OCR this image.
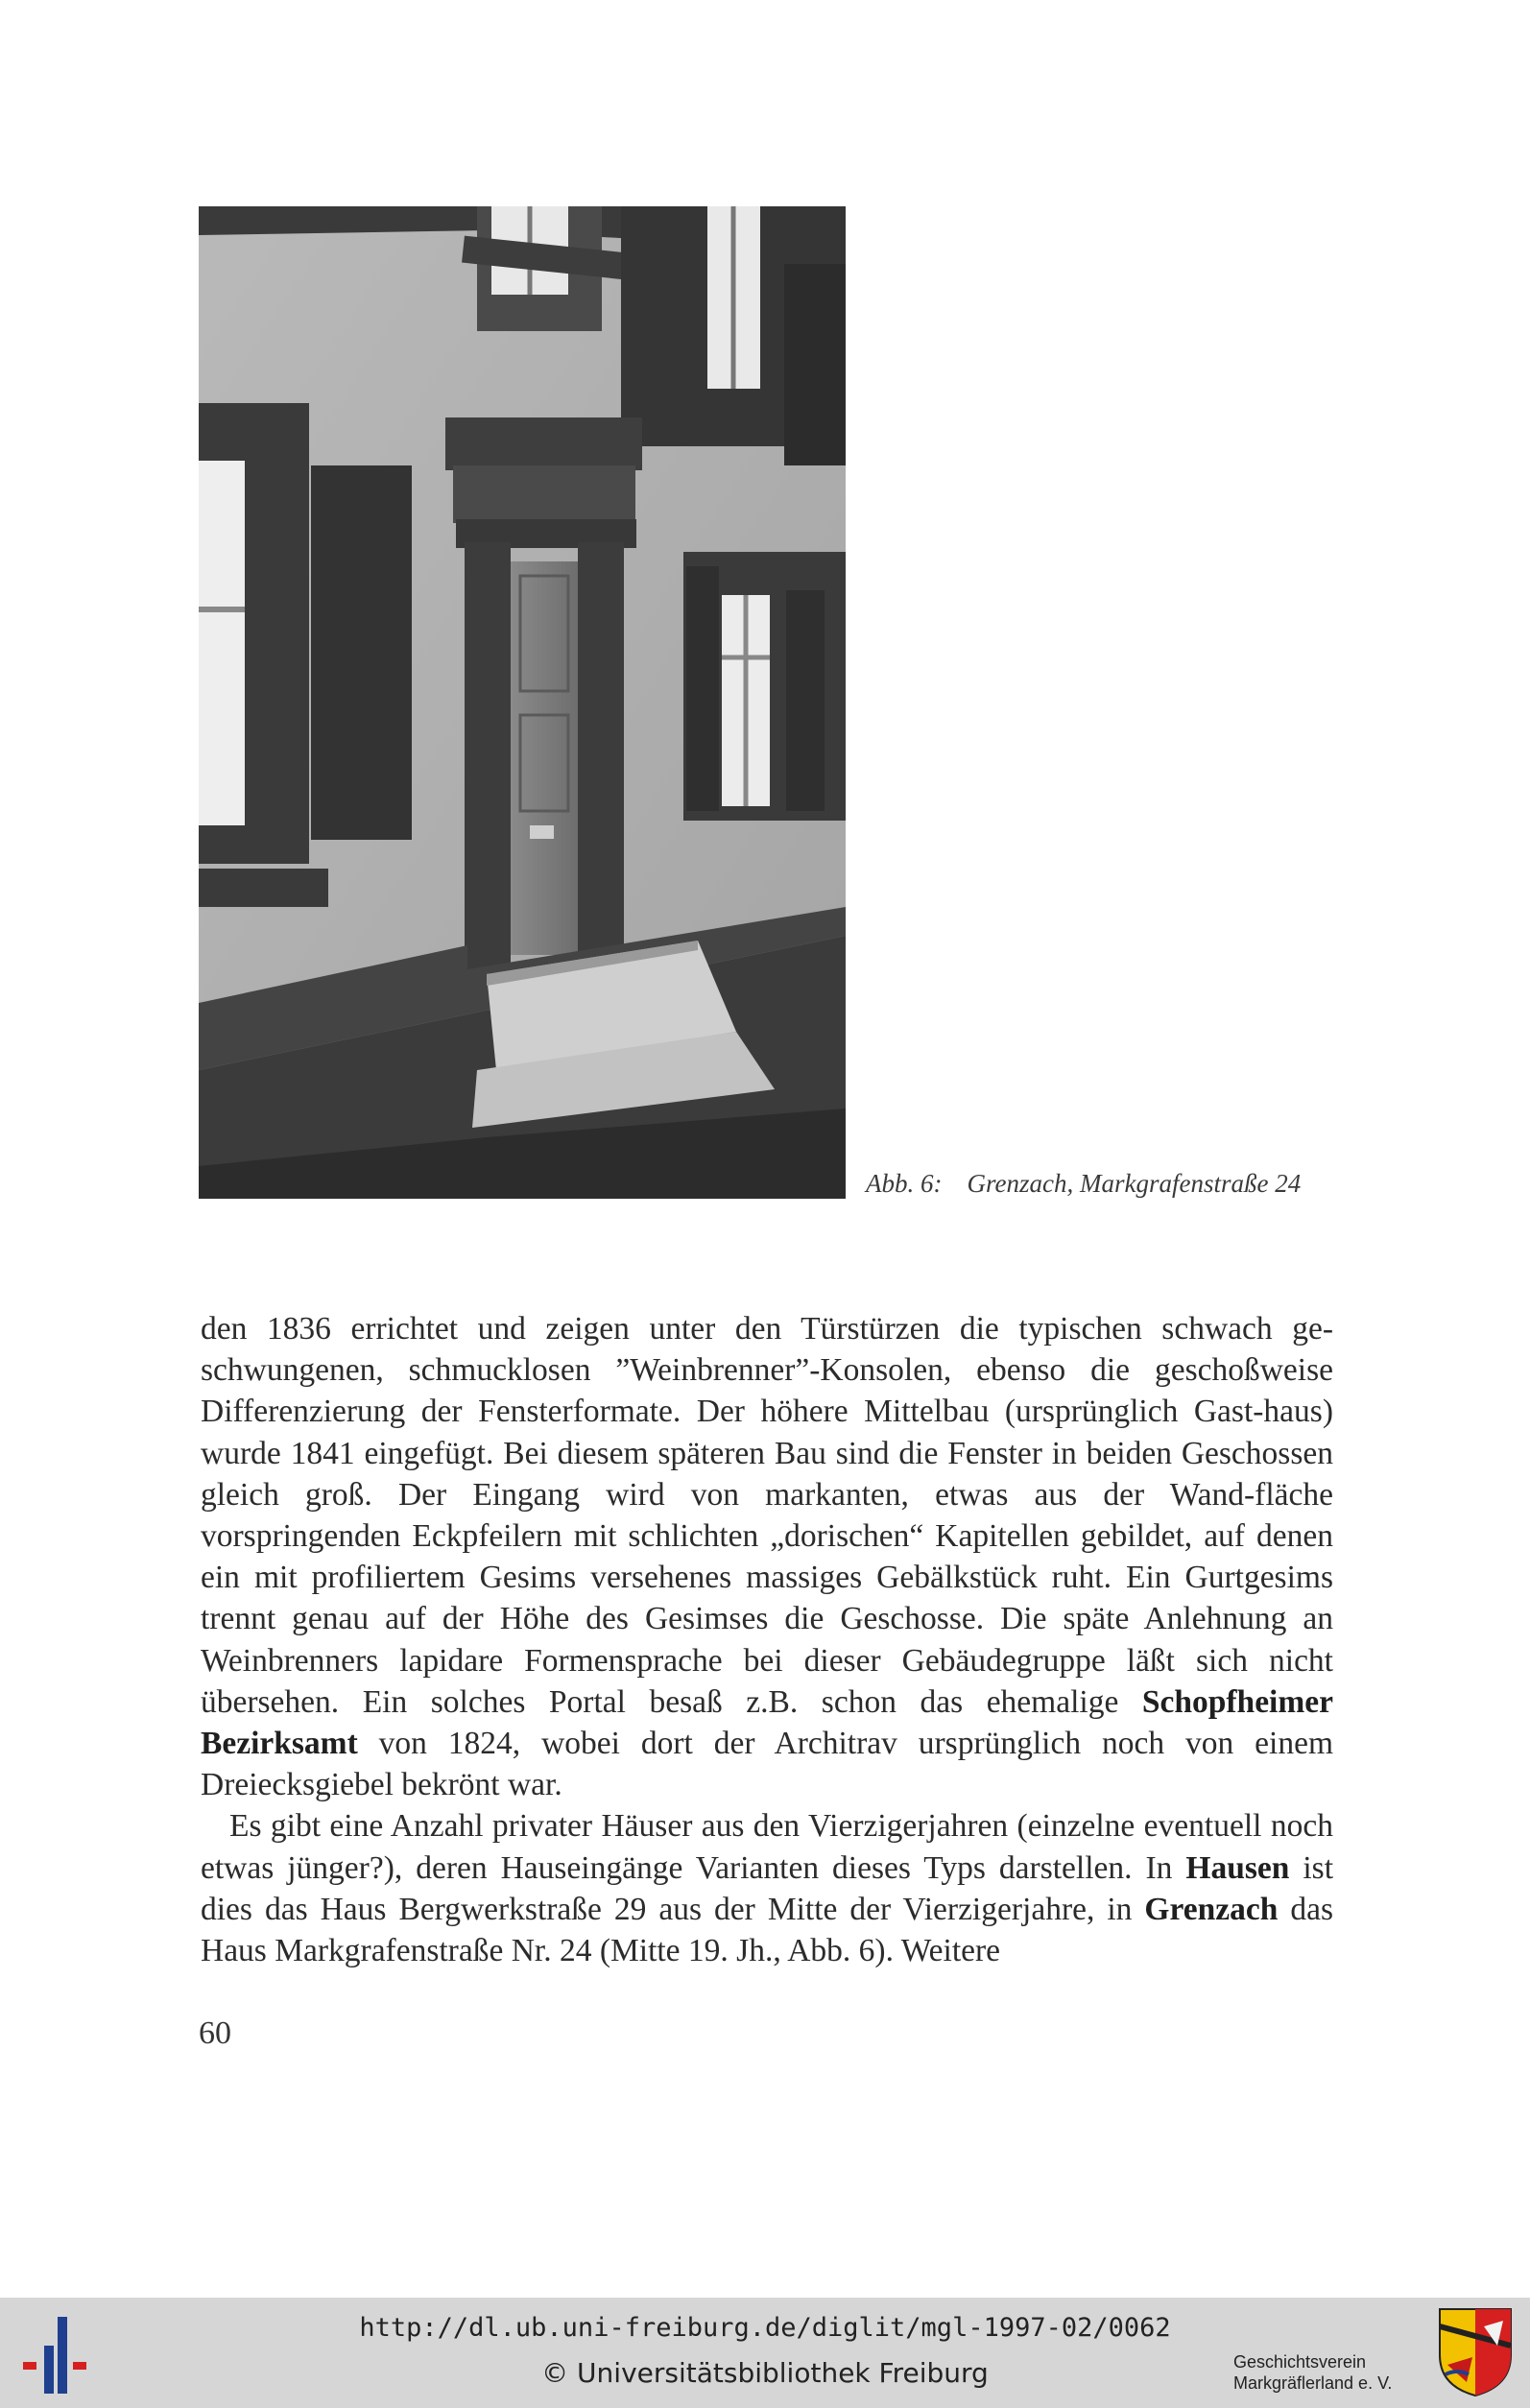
Abb. 6: Grenzach, Markgrafenstraße 24

den 1836 errichtet und zeigen unter den Türstürzen die typischen schwach ge-schwungenen, schmucklosen ”Weinbrenner”-Konsolen, ebenso die geschoßweise Differenzierung der Fensterformate. Der höhere Mittelbau (ursprünglich Gast-haus) wurde 1841 eingefügt. Bei diesem späteren Bau sind die Fenster in beiden Geschossen gleich groß. Der Eingang wird von markanten, etwas aus der Wand-fläche vorspringenden Eckpfeilern mit schlichten „dorischen“ Kapitellen gebildet, auf denen ein mit profiliertem Gesims versehenes massiges Gebälkstück ruht. Ein Gurtgesims trennt genau auf der Höhe des Gesimses die Geschosse. Die späte Anlehnung an Weinbrenners lapidare Formensprache bei dieser Gebäudegruppe läßt sich nicht übersehen. Ein solches Portal besaß z.B. schon das ehemalige Schopfheimer Bezirksamt von 1824, wobei dort der Architrav ursprünglich noch von einem Dreiecksgiebel bekrönt war.

Es gibt eine Anzahl privater Häuser aus den Vierzigerjahren (einzelne eventuell noch etwas jünger?), deren Hauseingänge Varianten dieses Typs darstellen. In Hausen ist dies das Haus Bergwerkstraße 29 aus der Mitte der Vierzigerjahre, in Grenzach das Haus Markgrafenstraße Nr. 24 (Mitte 19. Jh., Abb. 6). Weitere

60
http://dl.ub.uni-freiburg.de/diglit/mgl-1997-02/0062
© Universitätsbibliothek Freiburg	Geschichtsverein
Markgräflerland e. V.
